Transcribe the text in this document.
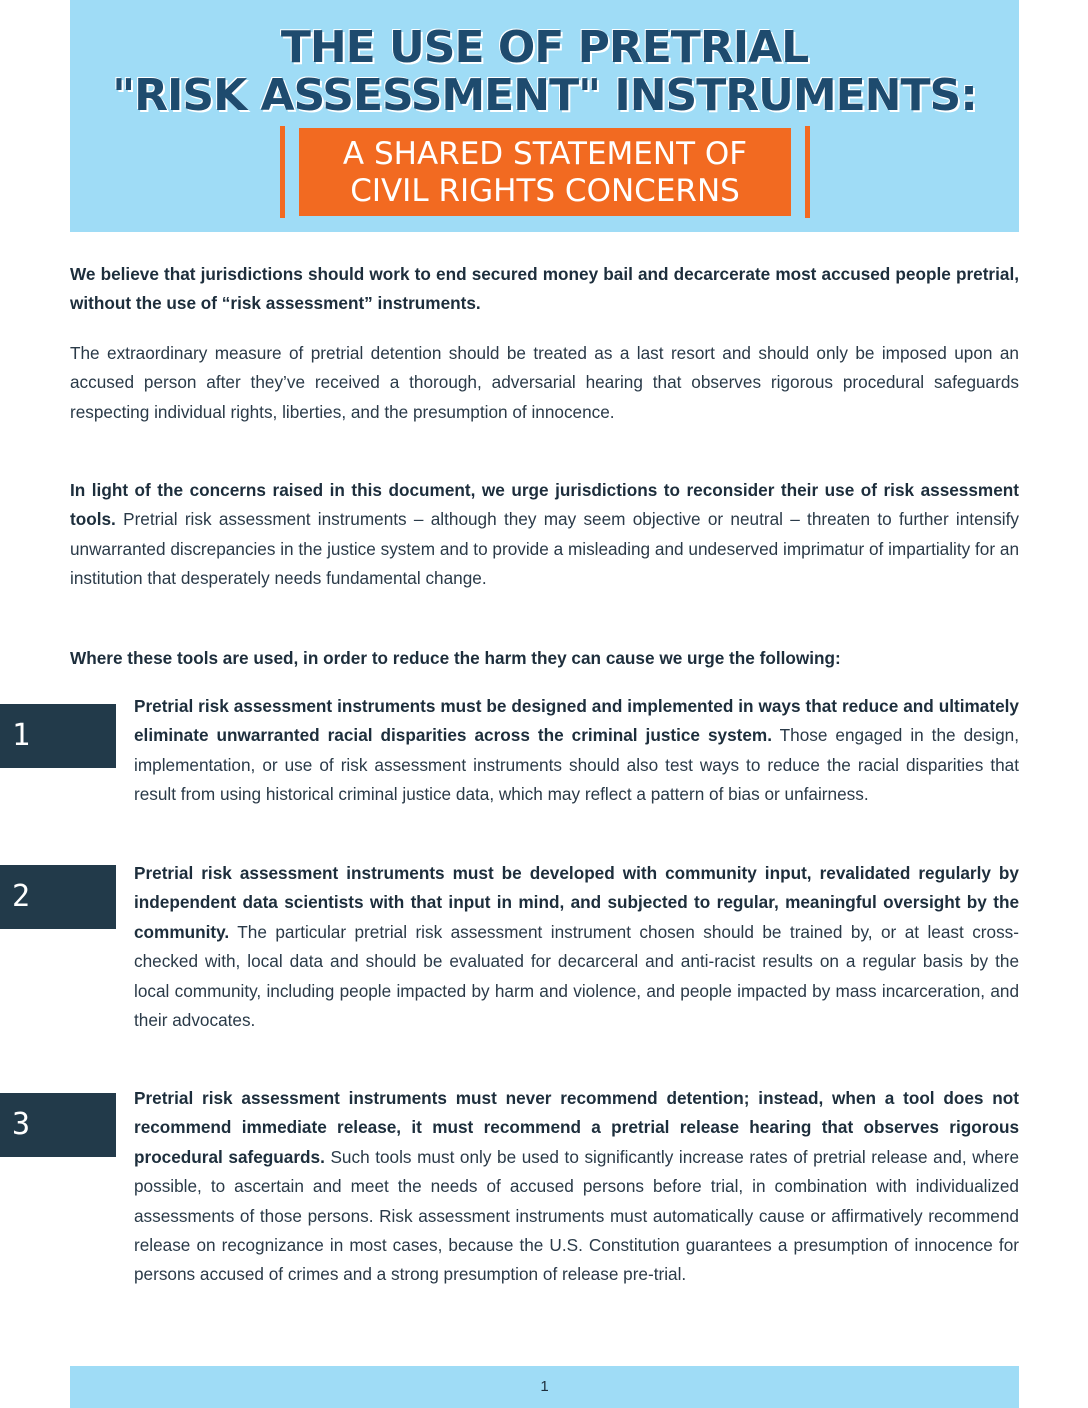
THE USE OF PRETRIAL
"RISK ASSESSMENT" INSTRUMENTS:
A SHARED STATEMENT OF
CIVIL RIGHTS CONCERNS

We believe that jurisdictions should work to end secured money bail and decarcerate most accused people pretrial, without the use of “risk assessment” instruments.

The extraordinary measure of pretrial detention should be treated as a last resort and should only be imposed upon an accused person after they’ve received a thorough, adversarial hearing that observes rigorous procedural safeguards respecting individual rights, liberties, and the presumption of innocence.

In light of the concerns raised in this document, we urge jurisdictions to reconsider their use of risk assessment tools. Pretrial risk assessment instruments – although they may seem objective or neutral – threaten to further intensify unwarranted discrepancies in the justice system and to provide a misleading and undeserved imprimatur of impartiality for an institution that desperately needs fundamental change.

Where these tools are used, in order to reduce the harm they can cause we urge the following:

1

Pretrial risk assessment instruments must be designed and implemented in ways that reduce and ultimately eliminate unwarranted racial disparities across the criminal justice system. Those engaged in the design, implementation, or use of risk assessment instruments should also test ways to reduce the racial disparities that result from using historical criminal justice data, which may reflect a pattern of bias or unfairness.

2

Pretrial risk assessment instruments must be developed with community input, revalidated regularly by independent data scientists with that input in mind, and subjected to regular, meaningful oversight by the community. The particular pretrial risk assessment instrument chosen should be trained by, or at least cross-checked with, local data and should be evaluated for decarceral and anti-racist results on a regular basis by the local community, including people impacted by harm and violence, and people impacted by mass incarceration, and their advocates.

3

Pretrial risk assessment instruments must never recommend detention; instead, when a tool does not recommend immediate release, it must recommend a pretrial release hearing that observes rigorous procedural safeguards. Such tools must only be used to significantly increase rates of pretrial release and, where possible, to ascertain and meet the needs of accused persons before trial, in combination with individualized assessments of those persons. Risk assessment instruments must automatically cause or affirmatively recommend release on recognizance in most cases, because the U.S. Constitution guarantees a presumption of innocence for persons accused of crimes and a strong presumption of release pre-trial.

1
